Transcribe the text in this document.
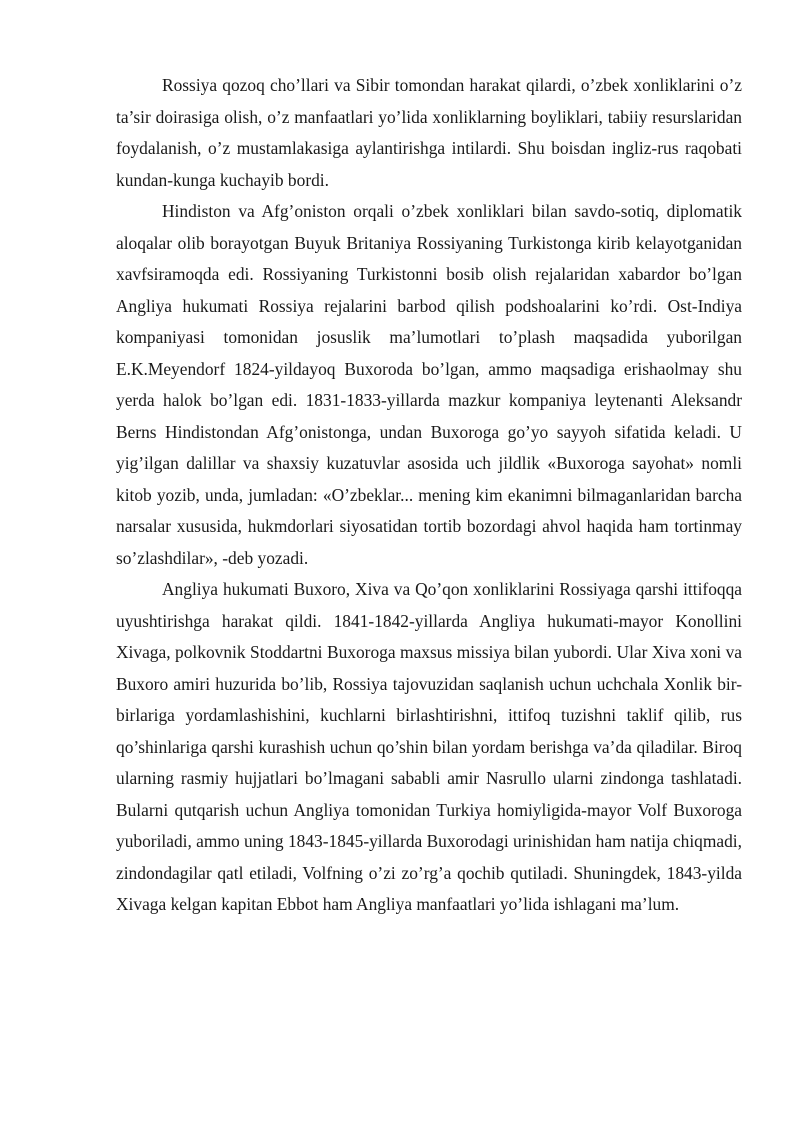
Rossiya qozoq cho’llari va Sibir tomondan harakat qilardi, o’zbek xonliklarini o’z ta’sir doirasiga olish, o’z manfaatlari yo’lida xonliklarning boyliklari, tabiiy resurslaridan foydalanish, o’z mustamlakasiga aylantirishga intilardi. Shu boisdan ingliz-rus raqobati kundan-kunga kuchayib bordi.

Hindiston va Afg’oniston orqali o’zbek xonliklari bilan savdo-sotiq, diplomatik aloqalar olib borayotgan Buyuk Britaniya Rossiyaning Turkistonga kirib kelayotganidan xavfsiramoqda edi. Rossiyaning Turkistonni bosib olish rejalaridan xabardor bo’lgan Angliya hukumati Rossiya rejalarini barbod qilish podshoalarini ko’rdi. Ost-Indiya kompaniyasi tomonidan josuslik ma’lumotlari to’plash maqsadida yuborilgan E.K.Meyendorf 1824-yildayoq Buxoroda bo’lgan, ammo maqsadiga erishaolmay shu yerda halok bo’lgan edi. 1831-1833-yillarda mazkur kompaniya leytenanti Aleksandr Berns Hindistondan Afg’onistonga, undan Buxoroga go’yo sayyoh sifatida keladi. U yig’ilgan dalillar va shaxsiy kuzatuvlar asosida uch jildlik «Buxoroga sayohat» nomli kitob yozib, unda, jumladan: «O’zbeklar... mening kim ekanimni bilmaganlaridan barcha narsalar xususida, hukmdorlari siyosatidan tortib bozordagi ahvol haqida ham tortinmay so’zlashdilar», -deb yozadi.

Angliya hukumati Buxoro, Xiva va Qo’qon xonliklarini Rossiyaga qarshi ittifoqqa uyushtirishga harakat qildi. 1841-1842-yillarda Angliya hukumati-mayor Konollini Xivaga, polkovnik Stoddartni Buxoroga maxsus missiya bilan yubordi. Ular Xiva xoni va Buxoro amiri huzurida bo’lib, Rossiya tajovuzidan saqlanish uchun uchchala Xonlik bir-birlariga yordamlashishini, kuchlarni birlashtirishni, ittifoq tuzishni taklif qilib, rus qo’shinlariga qarshi kurashish uchun qo’shin bilan yordam berishga va’da qiladilar. Biroq ularning rasmiy hujjatlari bo’lmagani sababli amir Nasrullo ularni zindonga tashlatadi. Bularni qutqarish uchun Angliya tomonidan Turkiya homiyligida-mayor Volf Buxoroga yuboriladi, ammo uning 1843-1845-yillarda Buxorodagi urinishidan ham natija chiqmadi, zindondagilar qatl etiladi, Volfning o’zi zo’rg’a qochib qutiladi. Shuningdek, 1843-yilda Xivaga kelgan kapitan Ebbot ham Angliya manfaatlari yo’lida ishlagani ma’lum.
